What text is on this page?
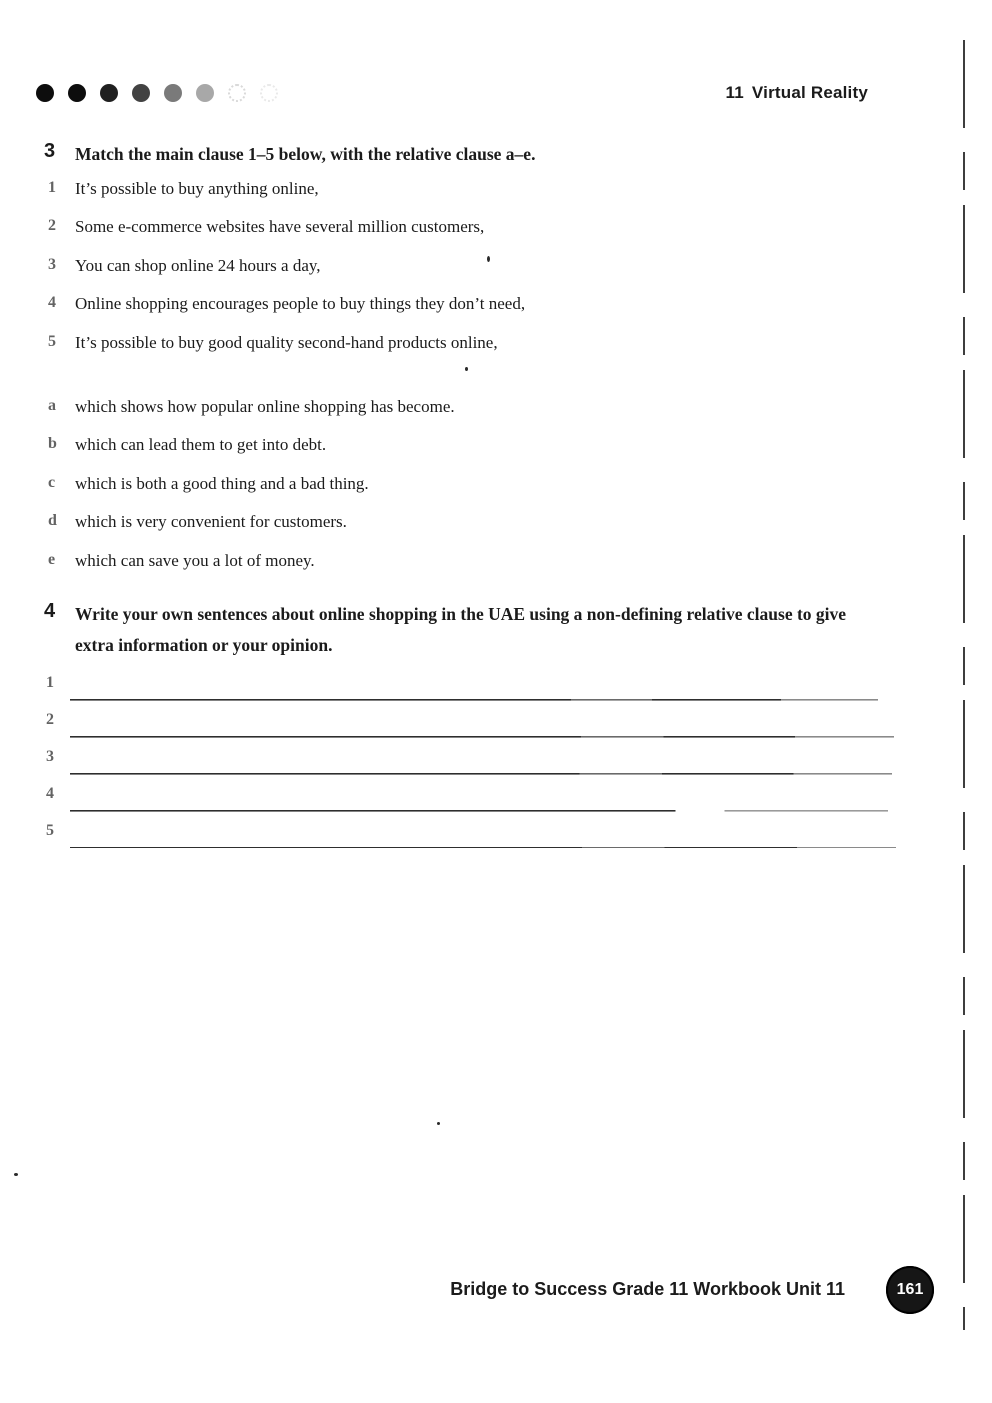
11 Virtual Reality
3	Match the main clause 1–5 below, with the relative clause a–e.
1	It’s possible to buy anything online,
2	Some e-commerce websites have several million customers,
3	You can shop online 24 hours a day,
4	Online shopping encourages people to buy things they don’t need,
5	It’s possible to buy good quality second-hand products online,
a	which shows how popular online shopping has become.
b	which can lead them to get into debt.
c	which is both a good thing and a bad thing.
d	which is very convenient for customers.
e	which can save you a lot of money.
4	Write your own sentences about online shopping in the UAE using a non-defining relative clause to give extra information or your opinion.
1
2
3
4
5
Bridge to Success Grade 11 Workbook Unit 11	161
